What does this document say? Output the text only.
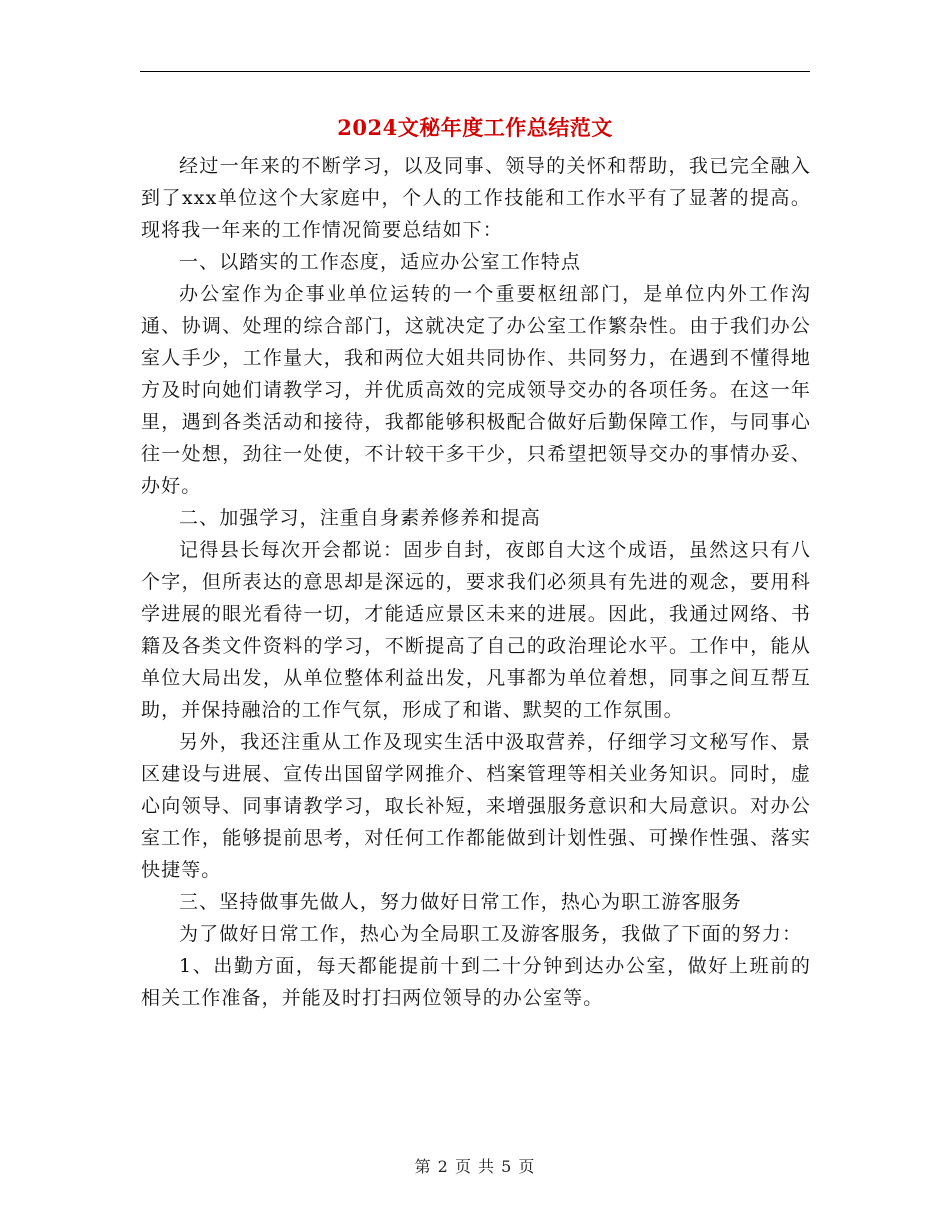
2024文秘年度工作总结范文

经过一年来的不断学习，以及同事、领导的关怀和帮助，我已完全融入到了xxx单位这个大家庭中，个人的工作技能和工作水平有了显著的提高。现将我一年来的工作情况简要总结如下：

一、以踏实的工作态度，适应办公室工作特点

办公室作为企事业单位运转的一个重要枢纽部门，是单位内外工作沟通、协调、处理的综合部门，这就决定了办公室工作繁杂性。由于我们办公室人手少，工作量大，我和两位大姐共同协作、共同努力，在遇到不懂得地方及时向她们请教学习，并优质高效的完成领导交办的各项任务。在这一年里，遇到各类活动和接待，我都能够积极配合做好后勤保障工作，与同事心往一处想，劲往一处使，不计较干多干少，只希望把领导交办的事情办妥、办好。

二、加强学习，注重自身素养修养和提高

记得县长每次开会都说：固步自封，夜郎自大这个成语，虽然这只有八个字，但所表达的意思却是深远的，要求我们必须具有先进的观念，要用科学进展的眼光看待一切，才能适应景区未来的进展。因此，我通过网络、书籍及各类文件资料的学习，不断提高了自己的政治理论水平。工作中，能从单位大局出发，从单位整体利益出发，凡事都为单位着想，同事之间互帮互助，并保持融洽的工作气氛，形成了和谐、默契的工作氛围。

另外，我还注重从工作及现实生活中汲取营养，仔细学习文秘写作、景区建设与进展、宣传出国留学网推介、档案管理等相关业务知识。同时，虚心向领导、同事请教学习，取长补短，来增强服务意识和大局意识。对办公室工作，能够提前思考，对任何工作都能做到计划性强、可操作性强、落实快捷等。

三、坚持做事先做人，努力做好日常工作，热心为职工游客服务

为了做好日常工作，热心为全局职工及游客服务，我做了下面的努力：

1、出勤方面，每天都能提前十到二十分钟到达办公室，做好上班前的相关工作准备，并能及时打扫两位领导的办公室等。

第 2 页 共 5 页
